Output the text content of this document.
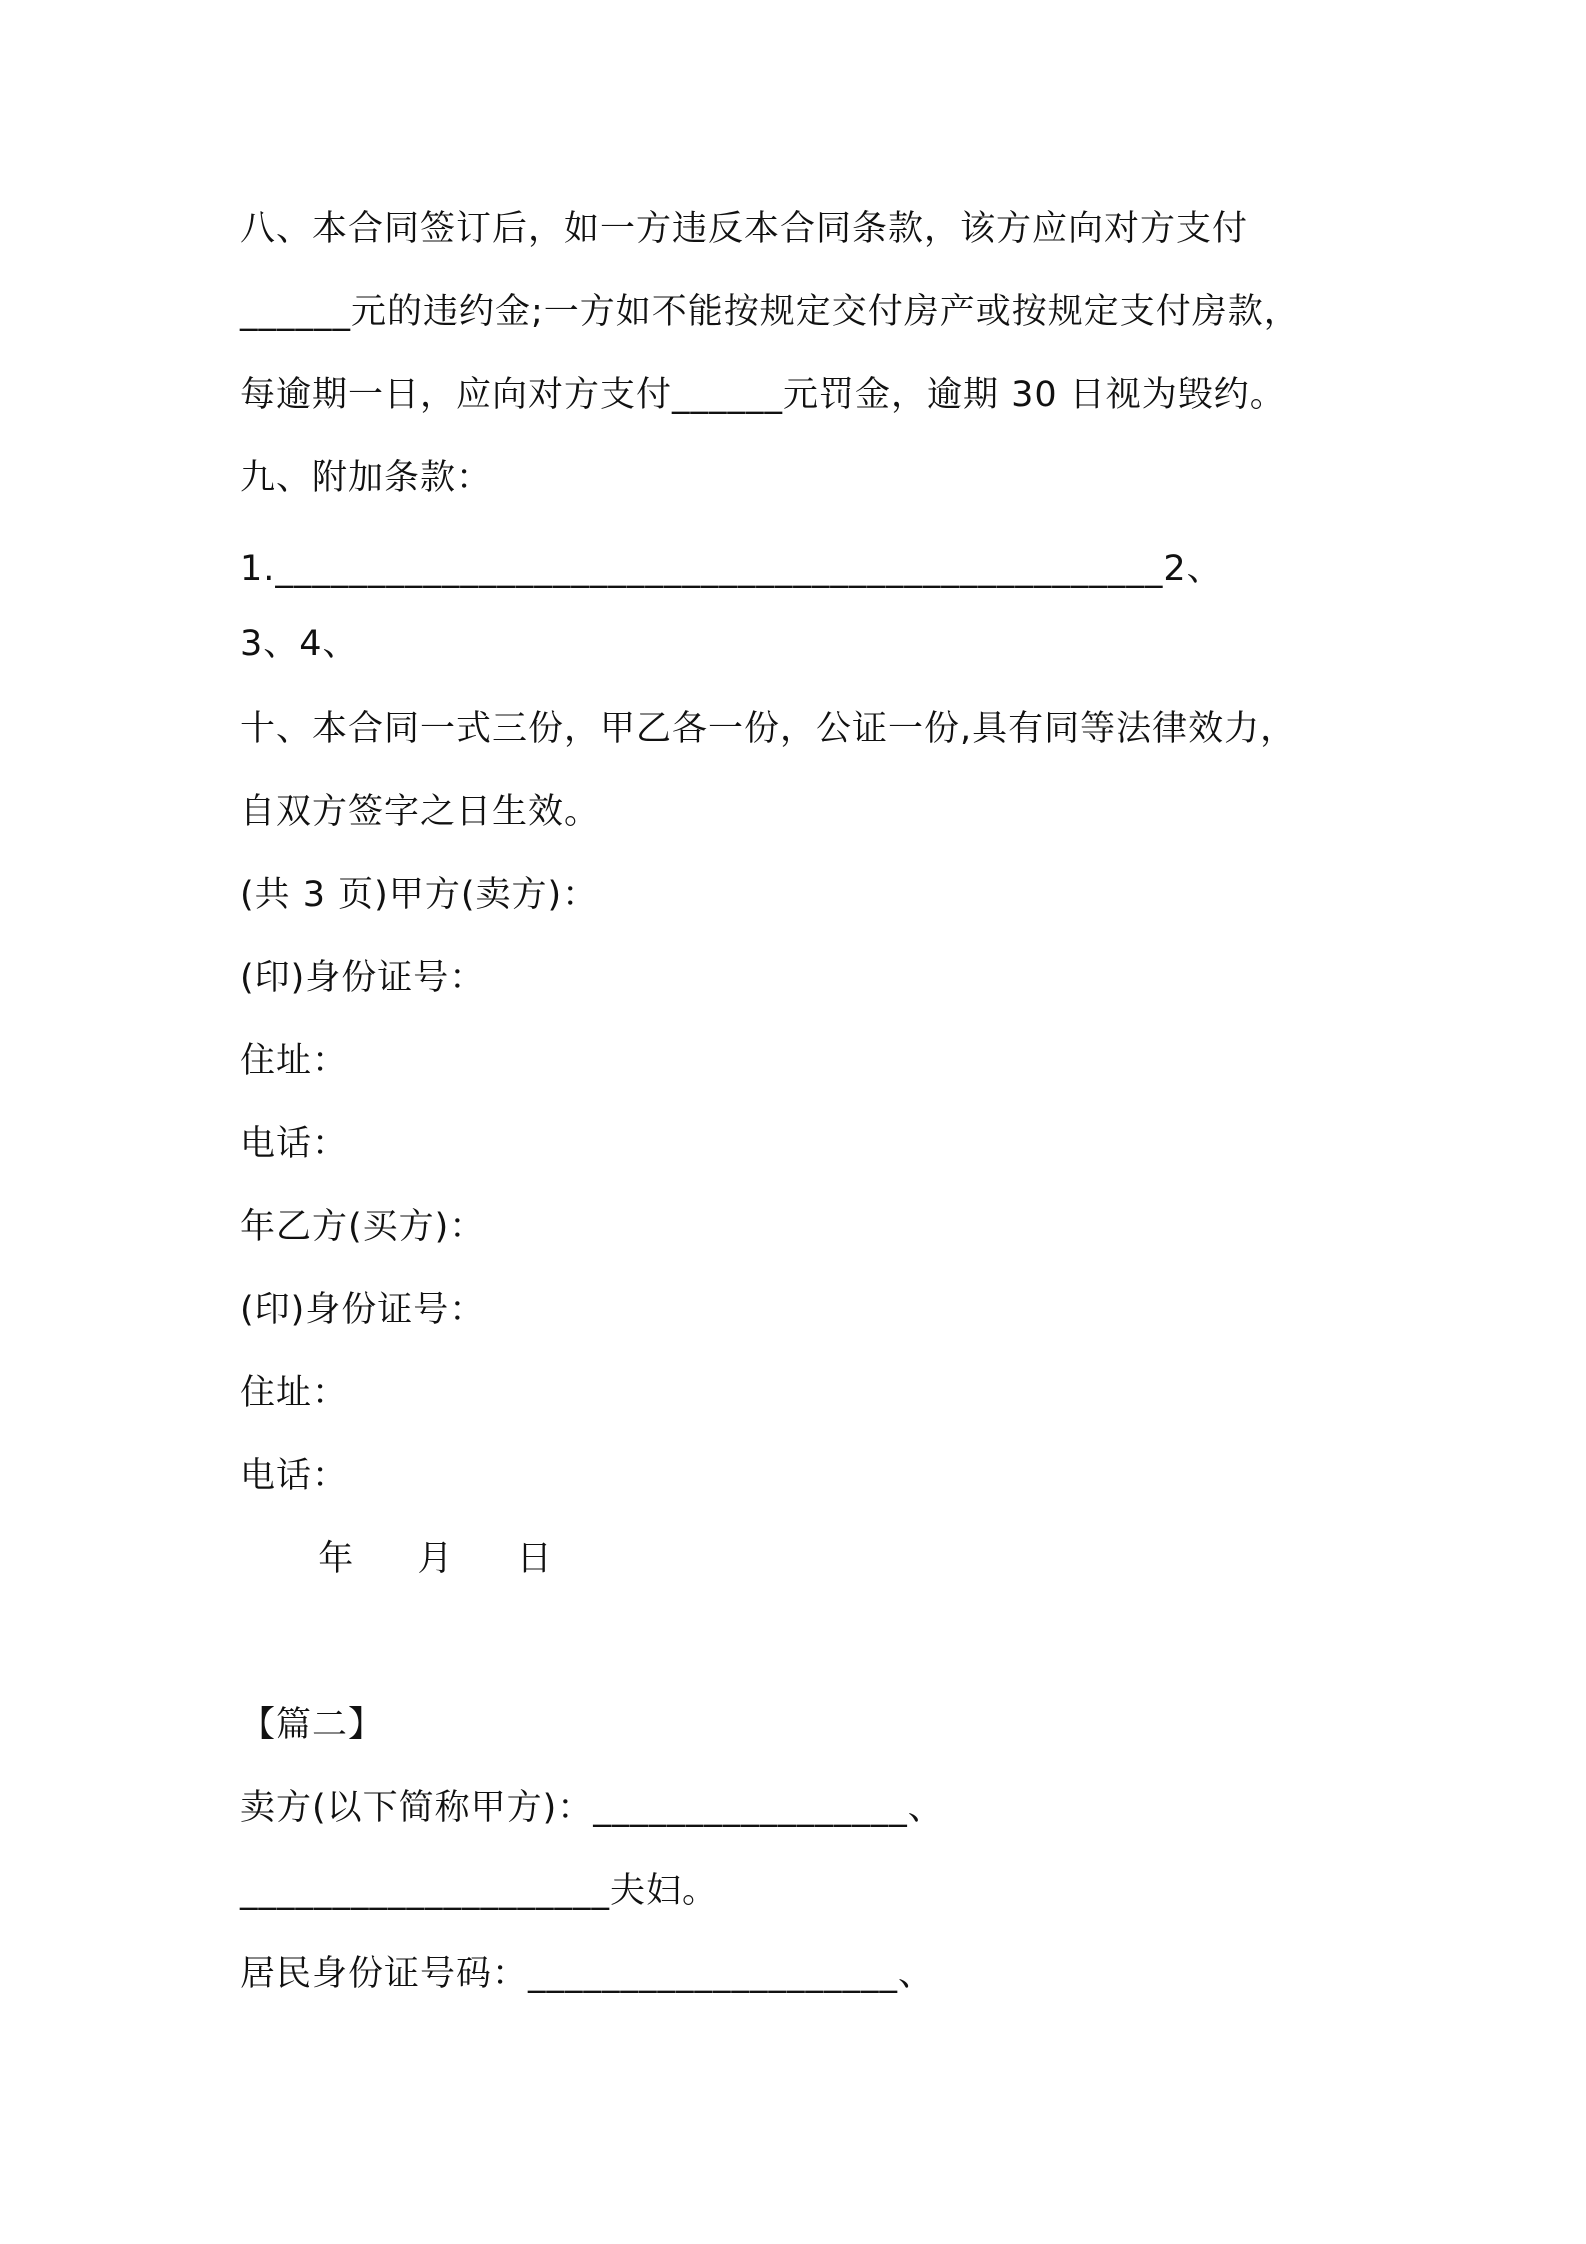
八、本合同签订后，如一方违反本合同条款，该方应向对方支付
______元的违约金;一方如不能按规定交付房产或按规定支付房款，
每逾期一日，应向对方支付______元罚金，逾期 30 日视为毁约。
九、附加条款：
1.________________________________________________2、
3、4、
十、本合同一式三份，甲乙各一份，公证一份,具有同等法律效力，
自双方签字之日生效。
(共 3 页)甲方(卖方)：
(印)身份证号：
住址：
电话：
年乙方(买方)：
(印)身份证号：
住址：
电话：
年  月  日
【篇二】
卖方(以下简称甲方)：_________________、
____________________夫妇。
居民身份证号码：____________________、
